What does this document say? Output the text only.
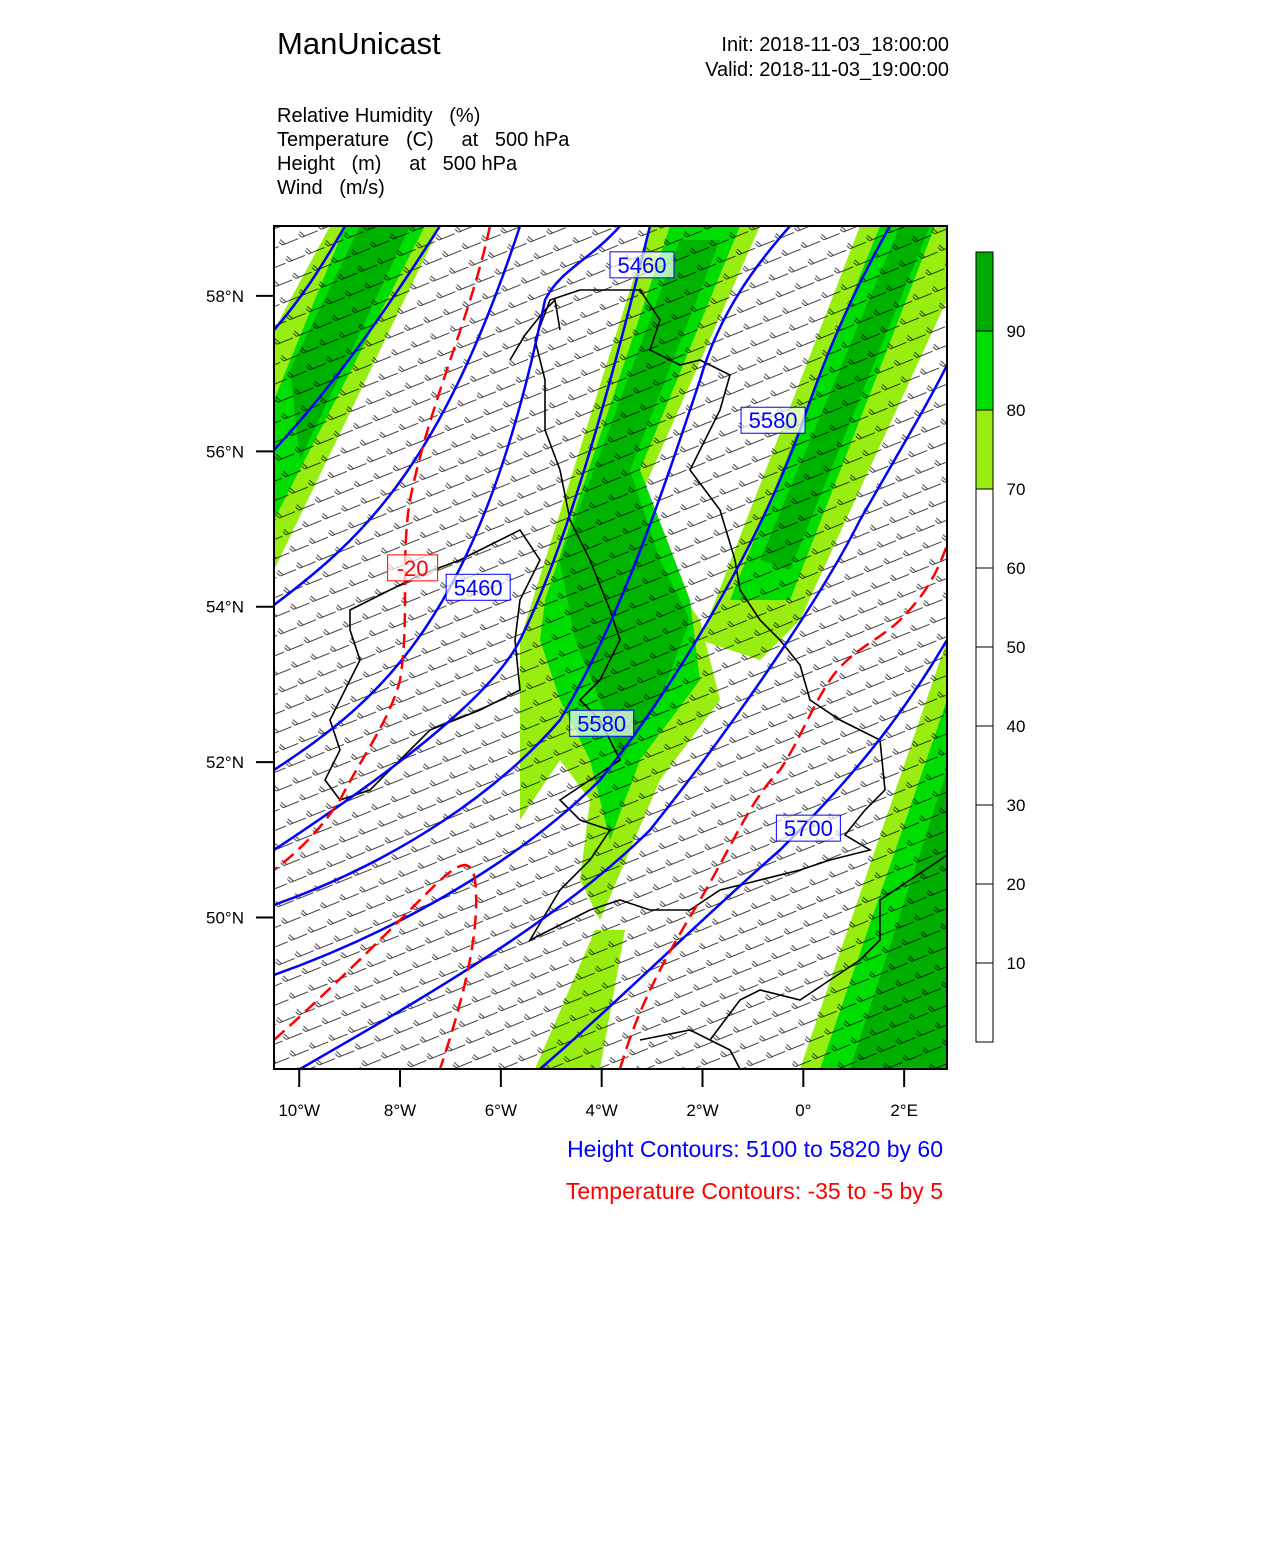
ManUnicast	Init: 2018-11-03_18:00:00
Valid: 2018-11-03_19:00:00
Relative Humidity   (%)
Temperature   (C)     at   500 hPa
Height   (m)     at   500 hPa
Wind   (m/s)
58°N
56°N
54°N
52°N
50°N
10°W	8°W	6°W	4°W	2°W	0°	2°E
5460
5580
5460
5580
5700
-20
10
20
30
40
50
60
70
80
90
Height Contours: 5100 to 5820 by 60
Temperature Contours: -35 to -5 by 5
